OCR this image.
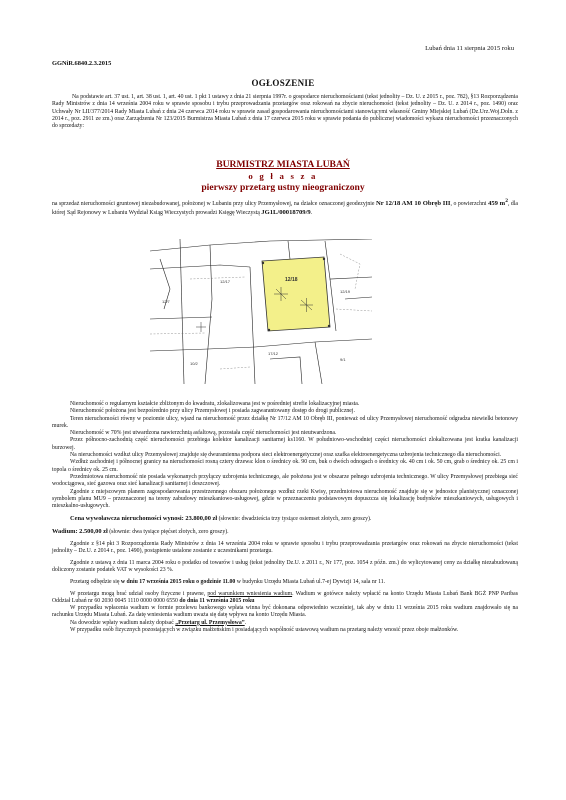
Lubań dnia 11 sierpnia 2015 roku
GGNiR.6840.2.3.2015
OGŁOSZENIE

Na podstawie art. 37 ust. 1, art. 38 ust. 1, art. 40 ust. 1 pkt 1 ustawy z dnia 21 sierpnia 1997r. o gospodarce nieruchomościami (tekst jednolity – Dz. U. z 2015 r., poz. 782), §13 Rozporządzenia Rady Ministrów z dnia 14 września 2004 roku w sprawie sposobu i trybu przeprowadzania przetargów oraz rokowań na zbycie nieruchomości (tekst jednolity – Dz. U. z 2014 r., poz. 1490) oraz Uchwały Nr LII/377/2014 Rady Miasta Lubań z dnia 24 czerwca 2014 roku w sprawie zasad gospodarowania nieruchomościami stanowiącymi własność Gminy Miejskiej Lubań (Dz.Urz.Woj.Doln. z 2014 r., poz. 2911 ze zm.) oraz Zarządzenia Nr 123/2015 Burmistrza Miasta Lubań z dnia 17 czerwca 2015 roku w sprawie podania do publicznej wiadomości wykazu nieruchomości przeznaczonych do sprzedaży:

BURMISTRZ MIASTA LUBAŃ
o g ł a s z a
pierwszy przetarg ustny nieograniczony

na sprzedaż nieruchomości gruntowej niezabudowanej, położonej w Lubaniu przy ulicy Przemysłowej, na działce oznaczonej geodezyjnie Nr 12/18 AM 10 Obręb III, o powierzchni 459 $m^2$, dla której Sąd Rejonowy w Lubaniu Wydział Ksiąg Wieczystych prowadzi Księgę Wieczystą JG1L/00018709/9.

12/18
12/17
12/19
17/12
12/7
9/1
10/2

Nieruchomość o regularnym kształcie zbliżonym do kwadratu, zlokalizowana jest w pośredniej strefie lokalizacyjnej miasta.

Nieruchomość położona jest bezpośrednio przy ulicy Przemysłowej i posiada zagwarantowany dostęp do drogi publicznej.

Teren nieruchomości równy w poziomie ulicy, wjazd na nieruchomość przez działkę Nr 17/12 AM 10 Obręb III, ponieważ od ulicy Przemysłowej nieruchomość odgradza niewielki betonowy murek.

Nieruchomość w 70% jest utwardzona nawierzchnią asfaltową, pozostała część nieruchomości jest nieutwardzona.

Przez północno-zachodnią część nieruchomości przebiega kolektor kanalizacji sanitarnej ks1160. W południowo-wschodniej części nieruchomości zlokalizowana jest kratka kanalizacji burzowej.

Na nieruchomości wzdłuż ulicy Przemysłowej znajduje się dwuramienna podpora sieci elektroenergetycznej oraz szafka elektroenergetyczna uzbrojenia technicznego dla nieruchomości.

Wzdłuż zachodniej i północnej granicy na nieruchomości rosną cztery drzewa: klon o średnicy ok. 90 cm, buk o dwóch odnogach o średnicy ok. 40 cm i ok. 50 cm, grab o średnicy ok. 25 cm i topola o średnicy ok. 25 cm.

Przedmiotowa nieruchomość nie posiada wykonanych przyłączy uzbrojenia technicznego, ale położona jest w obszarze pełnego uzbrojenia technicznego. W ulicy Przemysłowej przebiega sieć wodociągowa, sieć gazowa oraz sieć kanalizacji sanitarnej i deszczowej.

Zgodnie z miejscowym planem zagospodarowania przestrzennego obszaru położonego wzdłuż rzeki Kwisy, przedmiotowa nieruchomość znajduje się w jednostce planistycznej oznaczonej symbolem planu MU9 – przeznaczonej na tereny zabudowy mieszkaniowo-usługowej, gdzie w przeznaczeniu podstawowym dopuszcza się lokalizację budynków mieszkaniowych, usługowych i mieszkalno-usługowych.

Cena wywoławcza nieruchomości wynosi: 23.800,00 zł (słownie: dwadzieścia trzy tysiące osiemset złotych, zero groszy).

Wadium: 2.500,00 zł (słownie: dwa tysiące pięćset złotych, zero groszy).

Zgodnie z §14 pkt 3 Rozporządzenia Rady Ministrów z dnia 14 września 2004 roku w sprawie sposobu i trybu przeprowadzania przetargów oraz rokowań na zbycie nieruchomości (tekst jednolity – Dz.U. z 2014 r., poz. 1490), postąpienie ustalone zostanie z uczestnikami przetargu.

Zgodnie z ustawą z dnia 11 marca 2004 roku o podatku od towarów i usług (tekst jednolity Dz.U. z 2011 r., Nr 177, poz. 1054 z późn. zm.) do wylicytowanej ceny za działkę niezabudowaną doliczony zostanie podatek VAT w wysokości 23 %.

Przetarg odbędzie się w dniu 17 września 2015 roku o godzinie 11.00 w budynku Urzędu Miasta Lubań ul.7-ej Dywizji 14, sala nr 11.

W przetargu mogą brać udział osoby fizyczne i prawne, pod warunkiem wniesienia wadium. Wadium w gotówce należy wpłacić na konto Urzędu Miasta Lubań Bank BGŻ PNP Paribas Oddział Lubań nr 60 2030 0045 1110 0000 0000 6550 do dnia 11 września 2015 roku

W przypadku wpłacenia wadium w formie przelewu bankowego wpłata winna być dokonana odpowiednio wcześniej, tak aby w dniu 11 września 2015 roku wadium znajdowało się na rachunku Urzędu Miasta Lubań. Za datę wniesienia wadium uważa się datę wpływu na konto Urzędu Miasta.

Na dowodzie wpłaty wadium należy dopisać „Przetarg ul. Przemysłowa”.

W przypadku osób fizycznych pozostających w związku małżeńskim i posiadających wspólność ustawową wadium na przetarg należy wnosić przez oboje małżonków.
